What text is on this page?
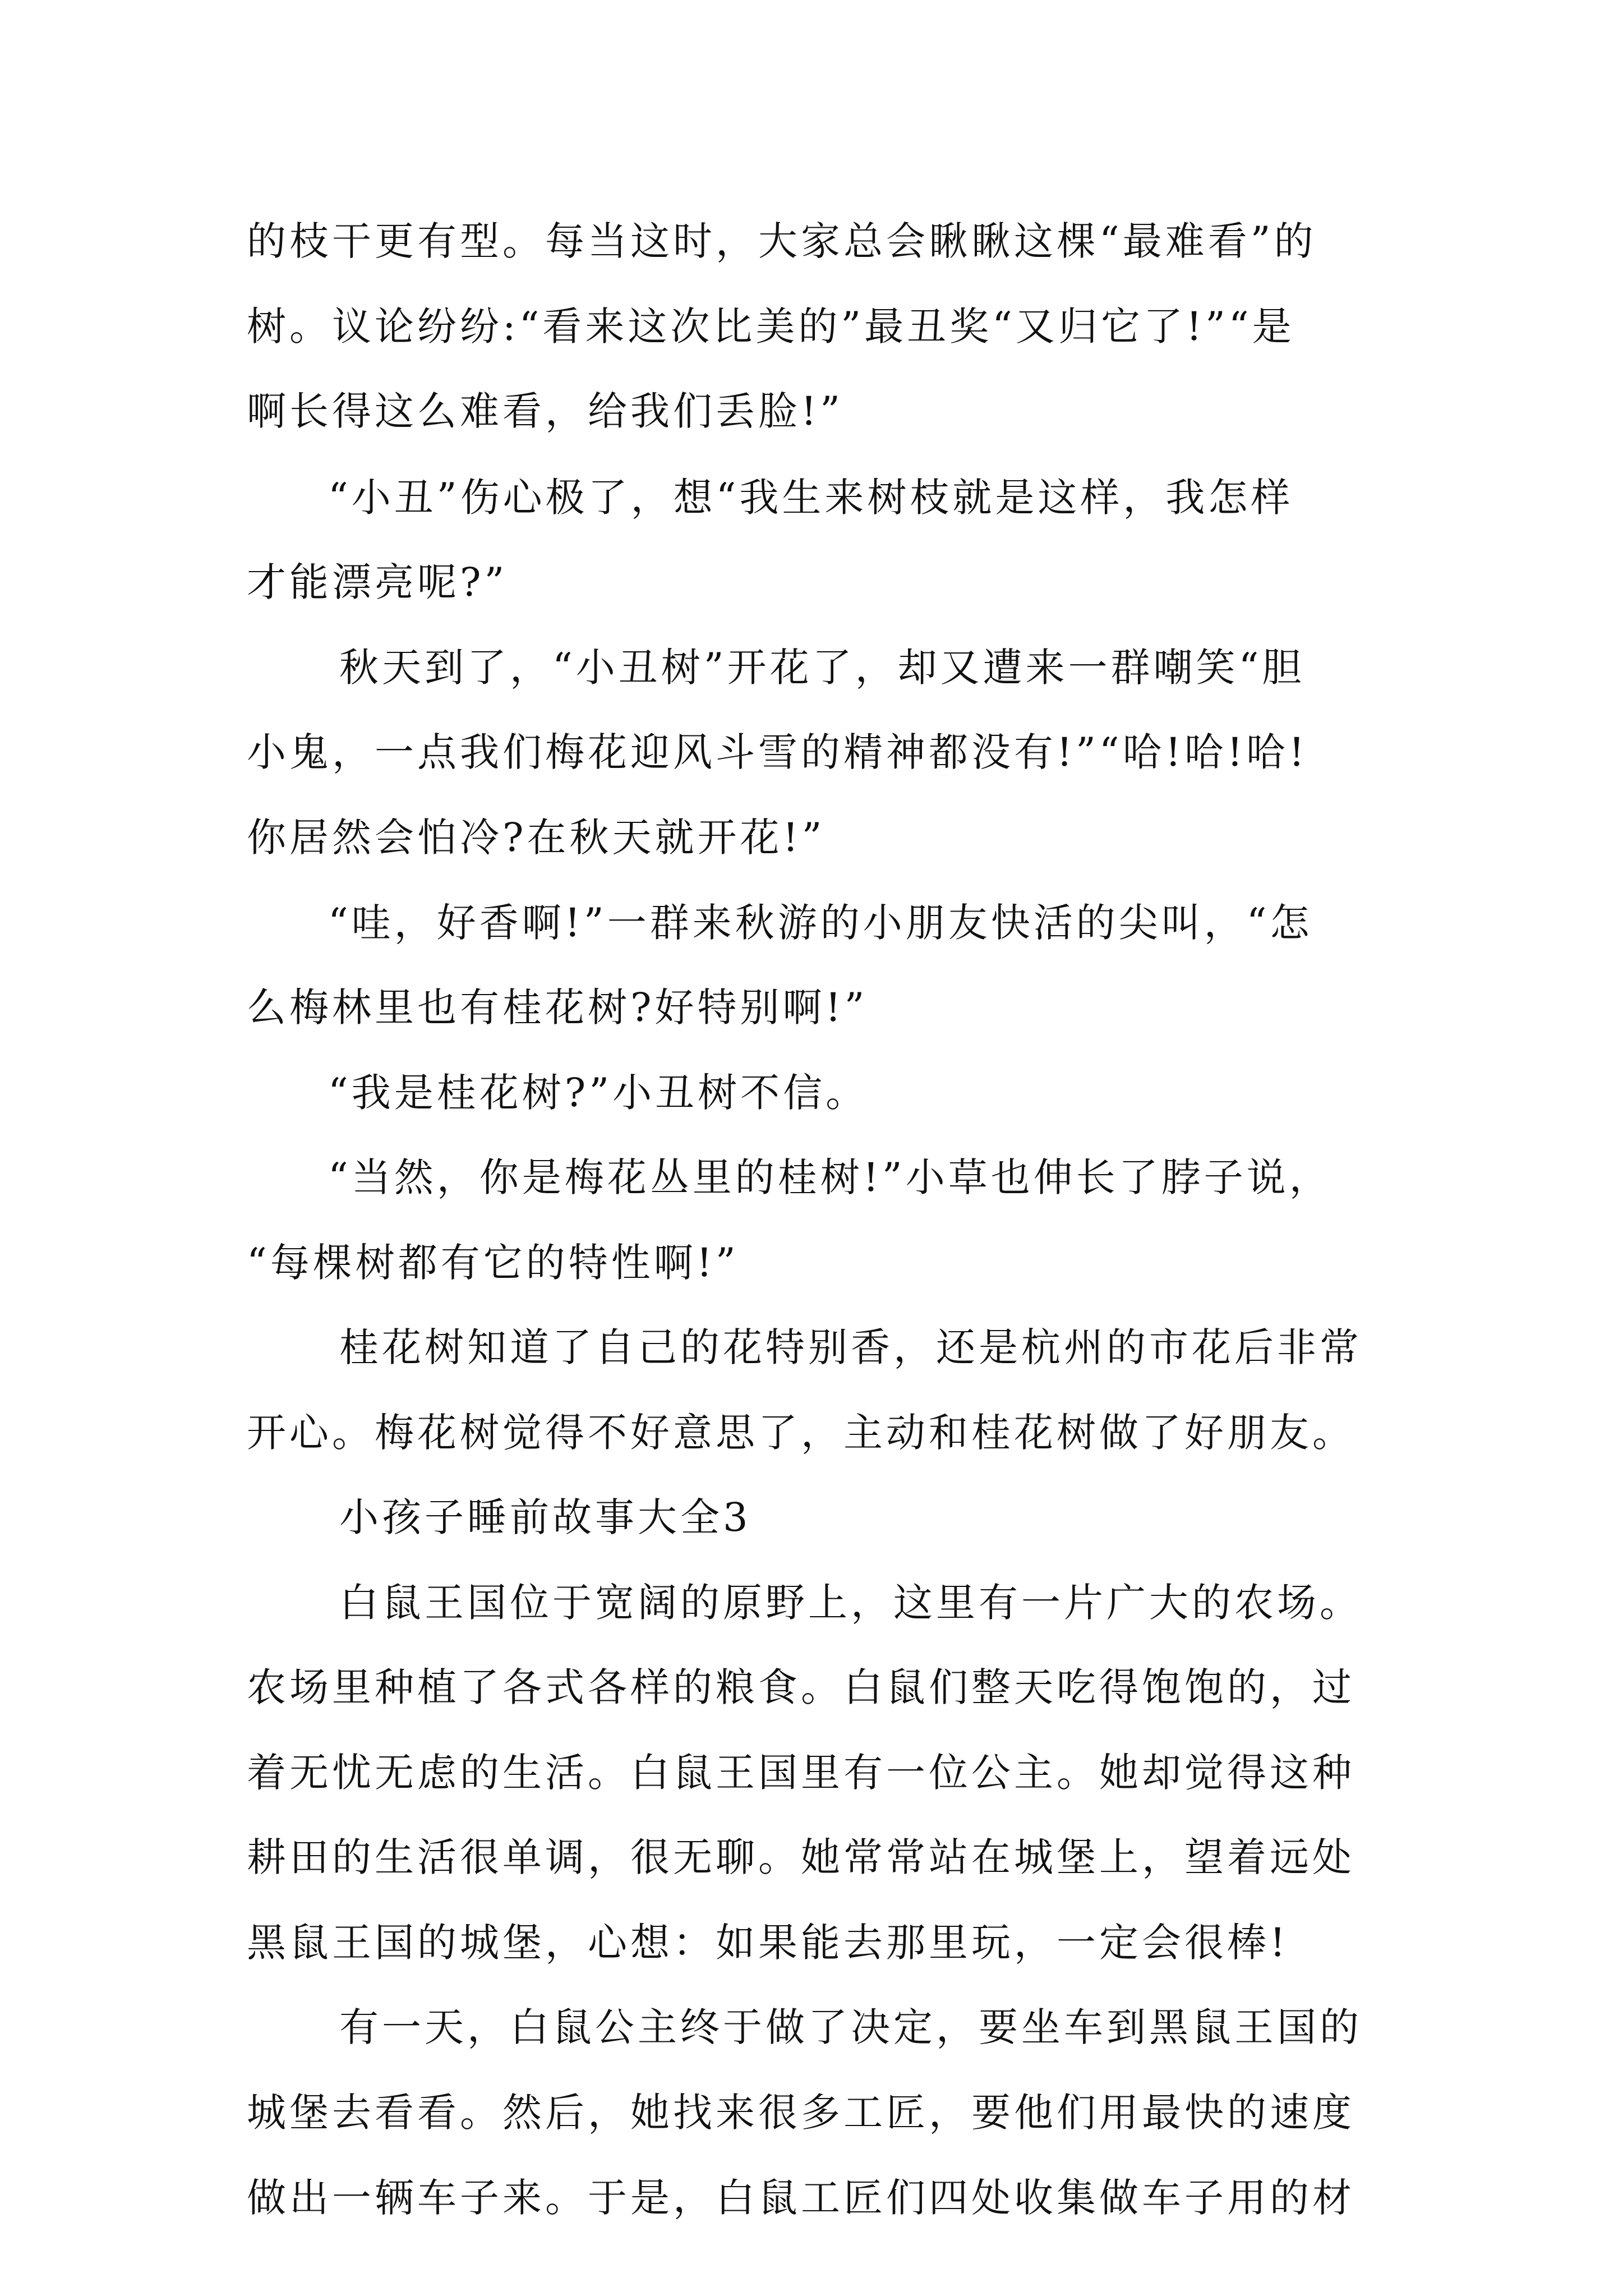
的枝干更有型。每当这时，大家总会瞅瞅这棵“最难看”的
树。议论纷纷:“看来这次比美的”最丑奖“又归它了!”“是
啊长得这么难看，给我们丢脸!”
“小丑”伤心极了，想“我生来树枝就是这样，我怎样
才能漂亮呢?”
秋天到了，“小丑树”开花了，却又遭来一群嘲笑“胆
小鬼，一点我们梅花迎风斗雪的精神都没有!”“哈!哈!哈!
你居然会怕冷?在秋天就开花!”
“哇，好香啊!”一群来秋游的小朋友快活的尖叫，“怎
么梅林里也有桂花树?好特别啊!”
“我是桂花树?”小丑树不信。
“当然，你是梅花丛里的桂树!”小草也伸长了脖子说，
“每棵树都有它的特性啊!”
桂花树知道了自己的花特别香，还是杭州的市花后非常
开心。梅花树觉得不好意思了，主动和桂花树做了好朋友。
小孩子睡前故事大全3
白鼠王国位于宽阔的原野上，这里有一片广大的农场。
农场里种植了各式各样的粮食。白鼠们整天吃得饱饱的，过
着无忧无虑的生活。白鼠王国里有一位公主。她却觉得这种
耕田的生活很单调，很无聊。她常常站在城堡上，望着远处
黑鼠王国的城堡，心想：如果能去那里玩，一定会很棒!
有一天，白鼠公主终于做了决定，要坐车到黑鼠王国的
城堡去看看。然后，她找来很多工匠，要他们用最快的速度
做出一辆车子来。于是，白鼠工匠们四处收集做车子用的材
